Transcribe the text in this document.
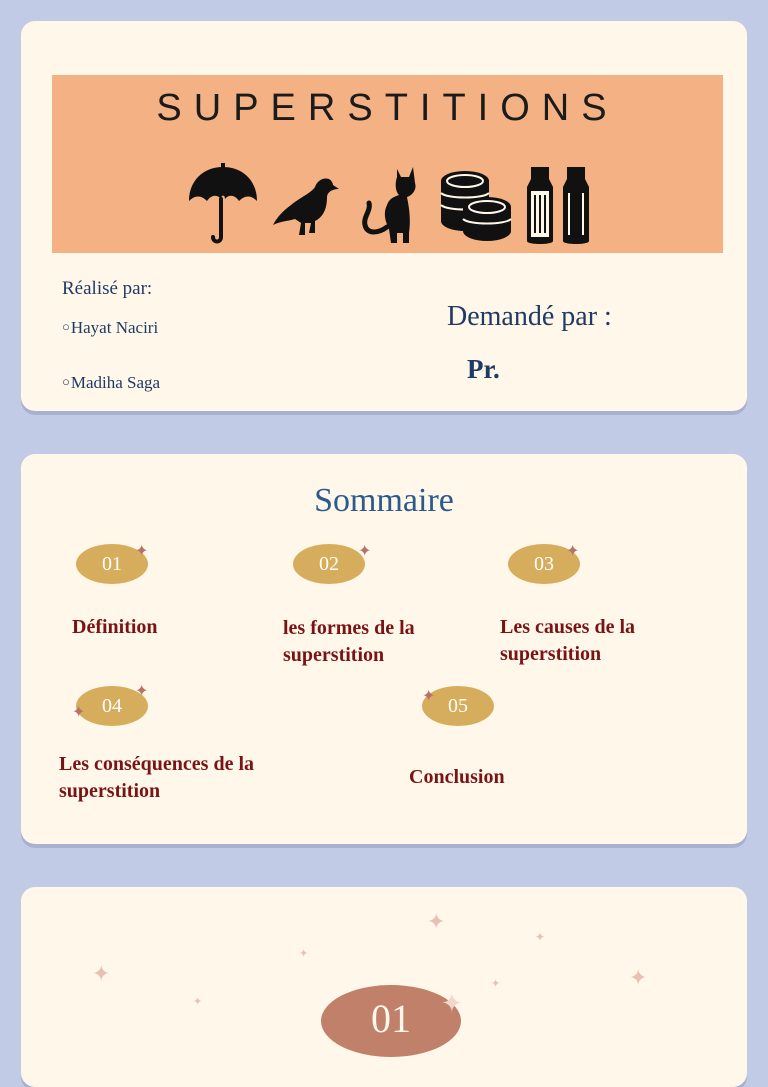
SUPERSTITIONS
Réalisé par:
○Hayat Naciri
○Madiha Saga
Demandé par :
Pr.
Sommaire
01
✦
Définition
02
✦
les formes de la
superstition
03
✦
Les causes de la
superstition
04
✦
✦
Les conséquences de la
superstition
05
✦
Conclusion
✦
✦
✦
✦	✦
✦
✦	01	✦
